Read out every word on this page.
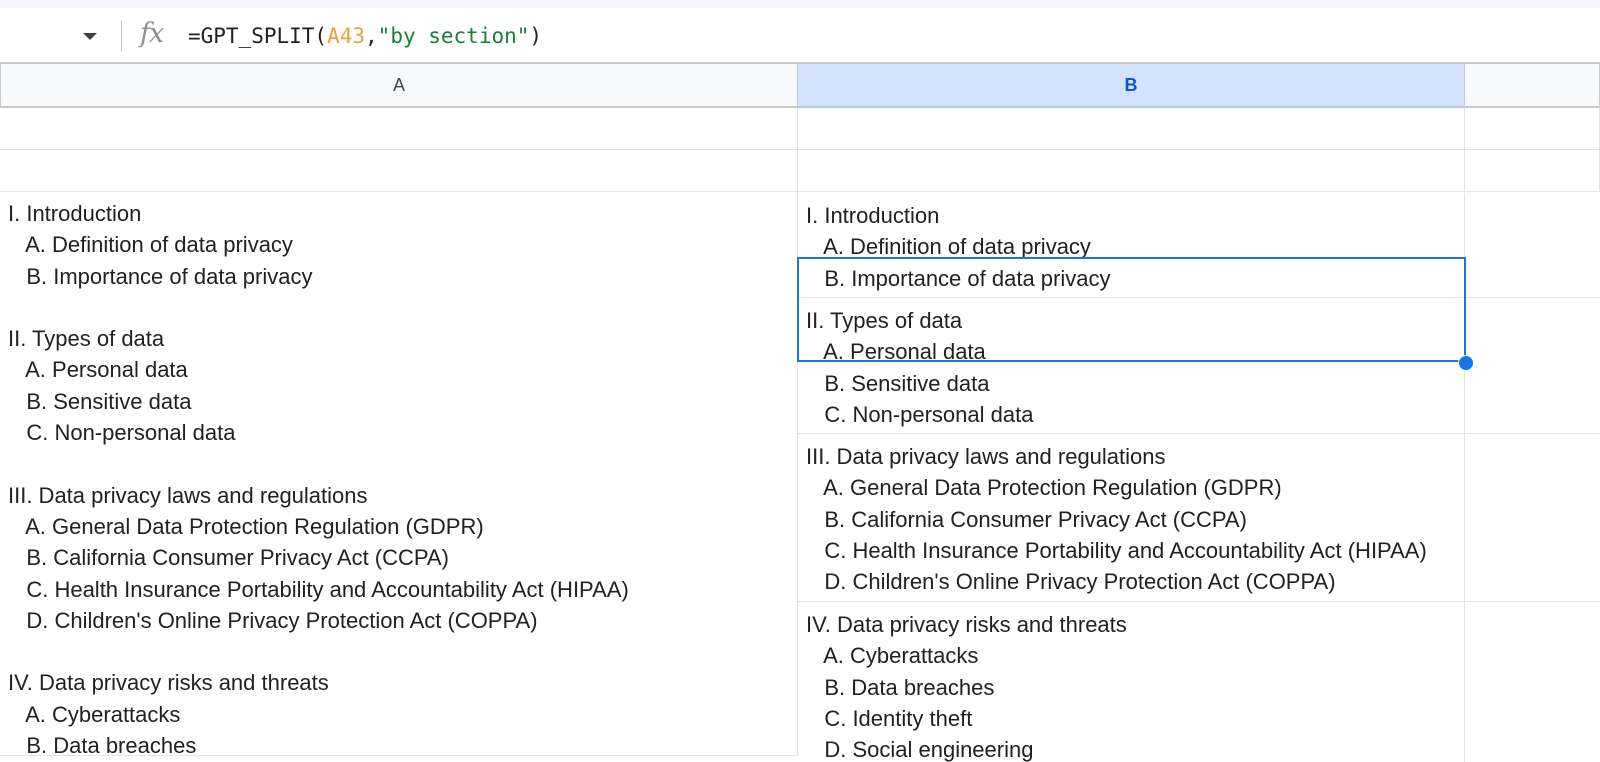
fx =GPT_SPLIT(A43,"by section")
A	B
I. Introduction
A. Definition of data privacy
B. Importance of data privacy

II. Types of data
A. Personal data
B. Sensitive data
C. Non-personal data

III. Data privacy laws and regulations
A. General Data Protection Regulation (GDPR)
B. California Consumer Privacy Act (CCPA)
C. Health Insurance Portability and Accountability Act (HIPAA)
D. Children's Online Privacy Protection Act (COPPA)

IV. Data privacy risks and threats
A. Cyberattacks
B. Data breaches
I. Introduction
A. Definition of data privacy
B. Importance of data privacy
II. Types of data
A. Personal data
B. Sensitive data
C. Non-personal data
III. Data privacy laws and regulations
A. General Data Protection Regulation (GDPR)
B. California Consumer Privacy Act (CCPA)
C. Health Insurance Portability and Accountability Act (HIPAA)
D. Children's Online Privacy Protection Act (COPPA)
IV. Data privacy risks and threats
A. Cyberattacks
B. Data breaches
C. Identity theft
D. Social engineering
